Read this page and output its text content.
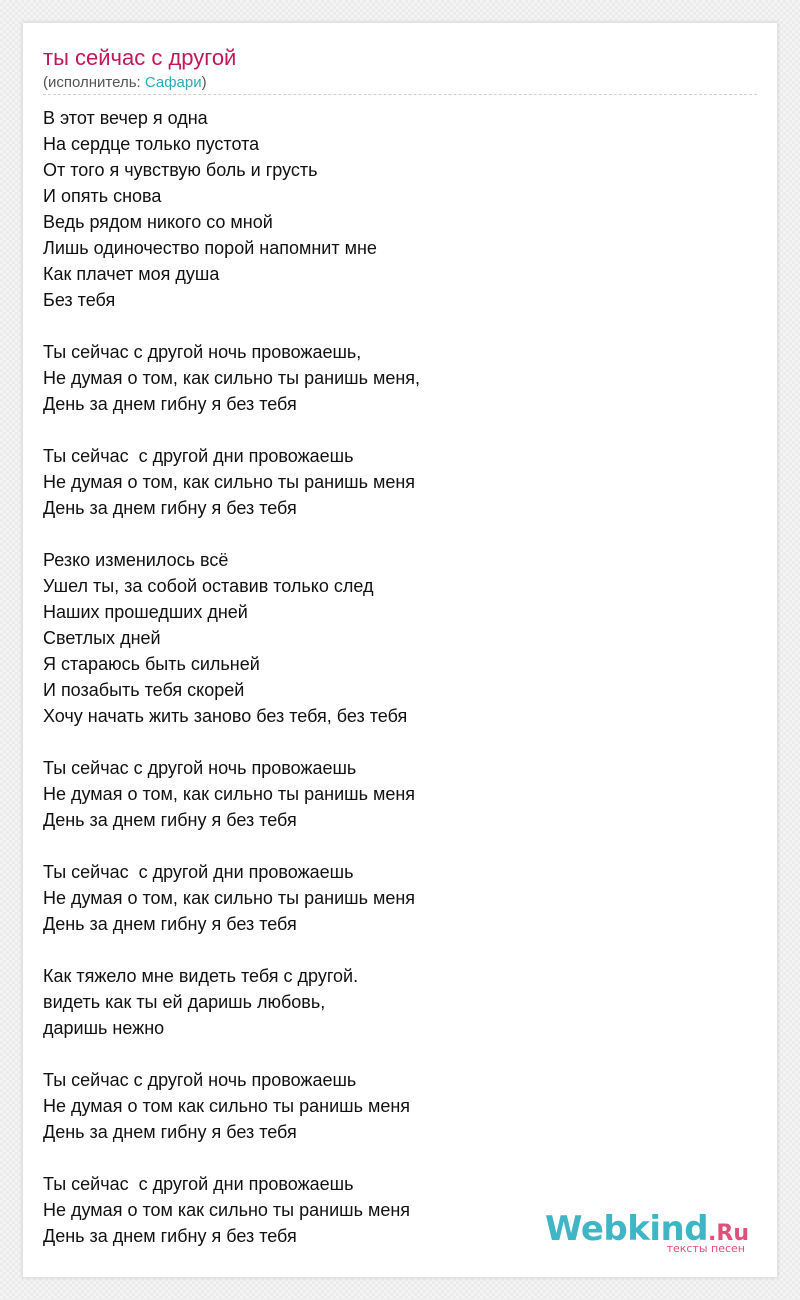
ты сейчас с другой
(исполнитель: Сафари)
В этот вечер я одна
На сердце только пустота
От того я чувствую боль и грусть
И опять снова
Ведь рядом никого со мной
Лишь одиночество порой напомнит мне
Как плачет моя душа
Без тебя
Ты сейчас с другой ночь провожаешь,
Не думая о том, как сильно ты ранишь меня,
День за днем гибну я без тебя
Ты сейчас  с другой дни провожаешь
Не думая о том, как сильно ты ранишь меня
День за днем гибну я без тебя
Резко изменилось всё
Ушел ты, за собой оставив только след
Наших прошедших дней
Светлых дней
Я стараюсь быть сильней
И позабыть тебя скорей
Хочу начать жить заново без тебя, без тебя
Ты сейчас с другой ночь провожаешь
Не думая о том, как сильно ты ранишь меня
День за днем гибну я без тебя
Ты сейчас  с другой дни провожаешь
Не думая о том, как сильно ты ранишь меня
День за днем гибну я без тебя
Как тяжело мне видеть тебя с другой.
видеть как ты ей даришь любовь,
даришь нежно
Ты сейчас с другой ночь провожаешь
Не думая о том как сильно ты ранишь меня
День за днем гибну я без тебя
Ты сейчас  с другой дни провожаешь
Не думая о том как сильно ты ранишь меня
День за днем гибну я без тебя	Webkind.Ru
тексты песен
